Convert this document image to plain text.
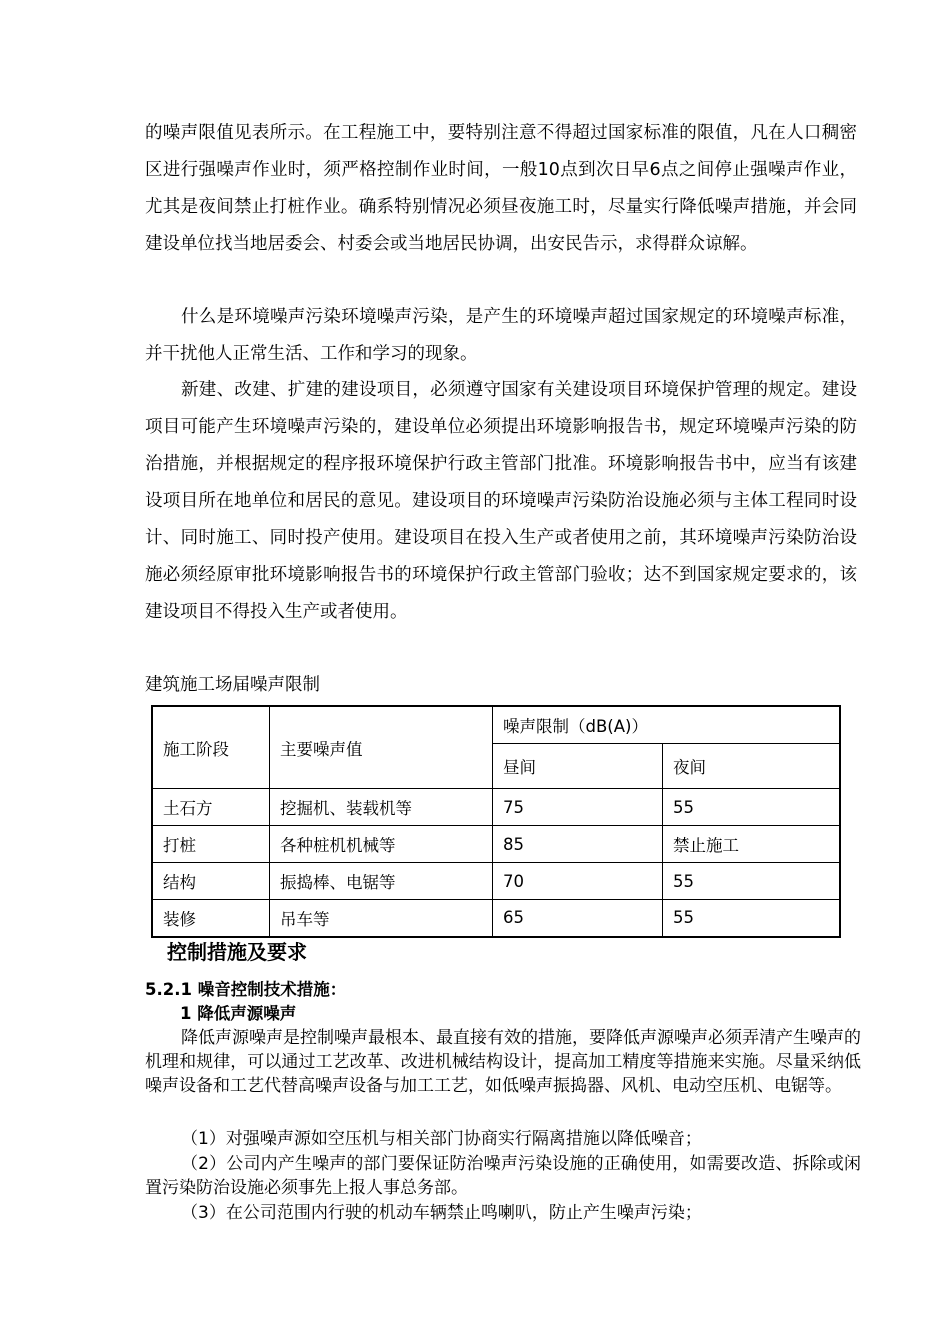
的噪声限值见表所示。在工程施工中，要特别注意不得超过国家标准的限值，凡在人口稠密区进行强噪声作业时，须严格控制作业时间，一般10点到次日早6点之间停止强噪声作业，尤其是夜间禁止打桩作业。确系特别情况必须昼夜施工时，尽量实行降低噪声措施，并会同建设单位找当地居委会、村委会或当地居民协调，出安民告示，求得群众谅解。

什么是环境噪声污染环境噪声污染，是产生的环境噪声超过国家规定的环境噪声标准，并干扰他人正常生活、工作和学习的现象。

新建、改建、扩建的建设项目，必须遵守国家有关建设项目环境保护管理的规定。建设项目可能产生环境噪声污染的，建设单位必须提出环境影响报告书，规定环境噪声污染的防治措施，并根据规定的程序报环境保护行政主管部门批准。环境影响报告书中，应当有该建设项目所在地单位和居民的意见。建设项目的环境噪声污染防治设施必须与主体工程同时设计、同时施工、同时投产使用。建设项目在投入生产或者使用之前，其环境噪声污染防治设施必须经原审批环境影响报告书的环境保护行政主管部门验收；达不到国家规定要求的，该建设项目不得投入生产或者使用。

建筑施工场届噪声限制

施工阶段	主要噪声值	噪声限制（dB(A)）	
		昼间	夜间
土石方	挖掘机、装载机等	75	55
打桩	各种桩机机械等	85	禁止施工
结构	振捣棒、电锯等	70	55
装修	吊车等	65	55

控制措施及要求

5.2.1 噪音控制技术措施：

1 降低声源噪声

降低声源噪声是控制噪声最根本、最直接有效的措施，要降低声源噪声必须弄清产生噪声的机理和规律，可以通过工艺改革、改进机械结构设计，提高加工精度等措施来实施。尽量采纳低噪声设备和工艺代替高噪声设备与加工工艺，如低噪声振捣器、风机、电动空压机、电锯等。

（1）对强噪声源如空压机与相关部门协商实行隔离措施以降低噪音；

（2）公司内产生噪声的部门要保证防治噪声污染设施的正确使用，如需要改造、拆除或闲置污染防治设施必须事先上报人事总务部。

（3）在公司范围内行驶的机动车辆禁止鸣喇叭，防止产生噪声污染；
